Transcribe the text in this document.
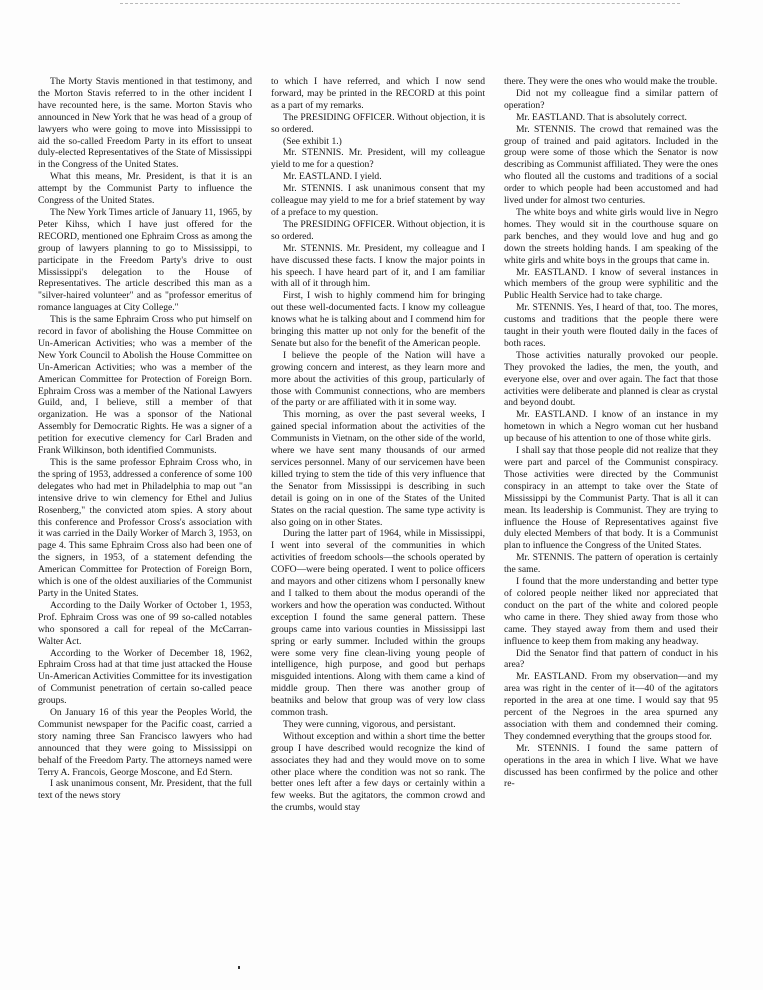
The Morty Stavis mentioned in that testimony, and the Morton Stavis referred to in the other incident I have recounted here, is the same. Morton Stavis who announced in New York that he was head of a group of lawyers who were going to move into Mississippi to aid the so-called Freedom Party in its effort to unseat duly-elected Representatives of the State of Mississippi in the Congress of the United States.

What this means, Mr. President, is that it is an attempt by the Communist Party to influence the Congress of the United States.

The New York Times article of January 11, 1965, by Peter Kihss, which I have just offered for the RECORD, mentioned one Ephraim Cross as among the group of lawyers planning to go to Mississippi, to participate in the Freedom Party's drive to oust Mississippi's delegation to the House of Representatives. The article described this man as a "silver-haired volunteer" and as "professor emeritus of romance languages at City College."

This is the same Ephraim Cross who put himself on record in favor of abolishing the House Committee on Un-American Activities; who was a member of the New York Council to Abolish the House Committee on Un-American Activities; who was a member of the American Committee for Protection of Foreign Born. Ephraim Cross was a member of the National Lawyers Guild, and, I believe, still a member of that organization. He was a sponsor of the National Assembly for Democratic Rights. He was a signer of a petition for executive clemency for Carl Braden and Frank Wilkinson, both identified Communists.

This is the same professor Ephraim Cross who, in the spring of 1953, addressed a conference of some 100 delegates who had met in Philadelphia to map out "an intensive drive to win clemency for Ethel and Julius Rosenberg," the convicted atom spies. A story about this conference and Professor Cross's association with it was carried in the Daily Worker of March 3, 1953, on page 4. This same Ephraim Cross also had been one of the signers, in 1953, of a statement defending the American Committee for Protection of Foreign Born, which is one of the oldest auxiliaries of the Communist Party in the United States.

According to the Daily Worker of October 1, 1953, Prof. Ephraim Cross was one of 99 so-called notables who sponsored a call for repeal of the McCarran-Walter Act.

According to the Worker of December 18, 1962, Ephraim Cross had at that time just attacked the House Un-American Activities Committee for its investigation of Communist penetration of certain so-called peace groups.

On January 16 of this year the Peoples World, the Communist newspaper for the Pacific coast, carried a story naming three San Francisco lawyers who had announced that they were going to Mississippi on behalf of the Freedom Party. The attorneys named were Terry A. Francois, George Moscone, and Ed Stern.

I ask unanimous consent, Mr. President, that the full text of the news story

to which I have referred, and which I now send forward, may be printed in the RECORD at this point as a part of my remarks.

The PRESIDING OFFICER. Without objection, it is so ordered.

(See exhibit 1.)

Mr. STENNIS. Mr. President, will my colleague yield to me for a question?

Mr. EASTLAND. I yield.

Mr. STENNIS. I ask unanimous consent that my colleague may yield to me for a brief statement by way of a preface to my question.

The PRESIDING OFFICER. Without objection, it is so ordered.

Mr. STENNIS. Mr. President, my colleague and I have discussed these facts. I know the major points in his speech. I have heard part of it, and I am familiar with all of it through him.

First, I wish to highly commend him for bringing out these well-documented facts. I know my colleague knows what he is talking about and I commend him for bringing this matter up not only for the benefit of the Senate but also for the benefit of the American people.

I believe the people of the Nation will have a growing concern and interest, as they learn more and more about the activities of this group, particularly of those with Communist connections, who are members of the party or are affiliated with it in some way.

This morning, as over the past several weeks, I gained special information about the activities of the Communists in Vietnam, on the other side of the world, where we have sent many thousands of our armed services personnel. Many of our servicemen have been killed trying to stem the tide of this very influence that the Senator from Mississippi is describing in such detail is going on in one of the States of the United States on the racial question. The same type activity is also going on in other States.

During the latter part of 1964, while in Mississippi, I went into several of the communities in which activities of freedom schools—the schools operated by COFO—were being operated. I went to police officers and mayors and other citizens whom I personally knew and I talked to them about the modus operandi of the workers and how the operation was conducted. Without exception I found the same general pattern. These groups came into various counties in Mississippi last spring or early summer. Included within the groups were some very fine clean-living young people of intelligence, high purpose, and good but perhaps misguided intentions. Along with them came a kind of middle group. Then there was another group of beatniks and below that group was of very low class common trash.

They were cunning, vigorous, and persistant.

Without exception and within a short time the better group I have described would recognize the kind of associates they had and they would move on to some other place where the condition was not so rank. The better ones left after a few days or certainly within a few weeks. But the agitators, the common crowd and the crumbs, would stay

there. They were the ones who would make the trouble.

Did not my colleague find a similar pattern of operation?

Mr. EASTLAND. That is absolutely correct.

Mr. STENNIS. The crowd that remained was the group of trained and paid agitators. Included in the group were some of those which the Senator is now describing as Communist affiliated. They were the ones who flouted all the customs and traditions of a social order to which people had been accustomed and had lived under for almost two centuries.

The white boys and white girls would live in Negro homes. They would sit in the courthouse square on park benches, and they would love and hug and go down the streets holding hands. I am speaking of the white girls and white boys in the groups that came in.

Mr. EASTLAND. I know of several instances in which members of the group were syphilitic and the Public Health Service had to take charge.

Mr. STENNIS. Yes, I heard of that, too. The mores, customs and traditions that the people there were taught in their youth were flouted daily in the faces of both races.

Those activities naturally provoked our people. They provoked the ladies, the men, the youth, and everyone else, over and over again. The fact that those activities were deliberate and planned is clear as crystal and beyond doubt.

Mr. EASTLAND. I know of an instance in my hometown in which a Negro woman cut her husband up because of his attention to one of those white girls.

I shall say that those people did not realize that they were part and parcel of the Communist conspiracy. Those activities were directed by the Communist conspiracy in an attempt to take over the State of Mississippi by the Communist Party. That is all it can mean. Its leadership is Communist. They are trying to influence the House of Representatives against five duly elected Members of that body. It is a Communist plan to influence the Congress of the United States.

Mr. STENNIS. The pattern of operation is certainly the same.

I found that the more understanding and better type of colored people neither liked nor appreciated that conduct on the part of the white and colored people who came in there. They shied away from those who came. They stayed away from them and used their influence to keep them from making any headway.

Did the Senator find that pattern of conduct in his area?

Mr. EASTLAND. From my observation—and my area was right in the center of it—40 of the agitators reported in the area at one time. I would say that 95 percent of the Negroes in the area spurned any association with them and condemned their coming. They condemned everything that the groups stood for.

Mr. STENNIS. I found the same pattern of operations in the area in which I live. What we have discussed has been confirmed by the police and other re-
